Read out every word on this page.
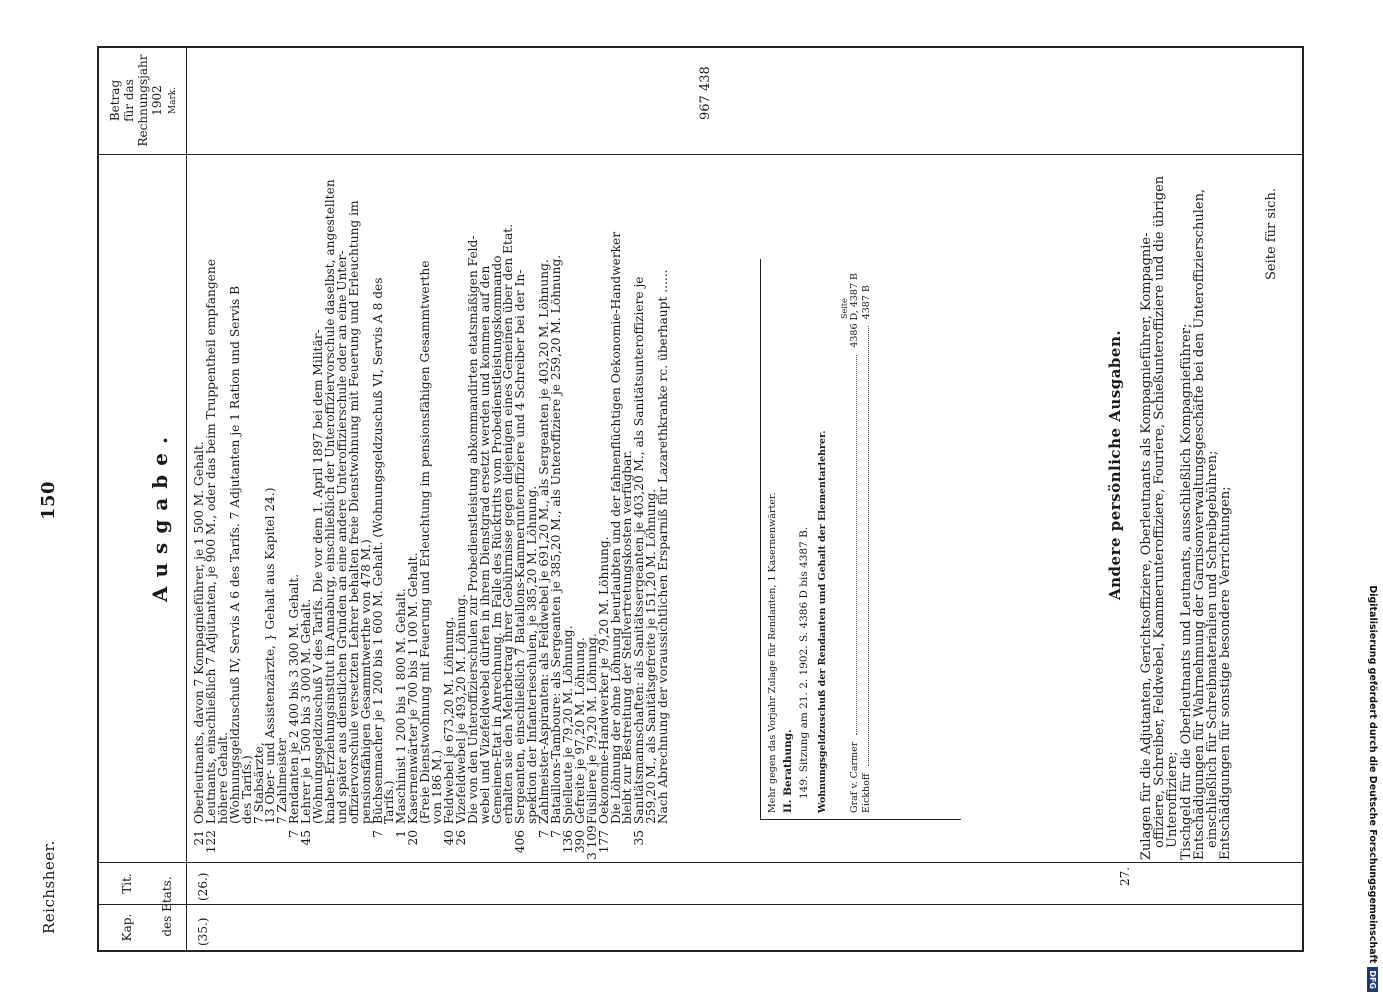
Reichsheer.
150
Kap.
Tit. des Etats.
Betrag für das Rechnungsjahr 1902 Mark.
(35.)
(26.)
Ausgabe.
21Oberleutnants, davon 7 Kompagnieführer, je 1 500 M. Gehalt.
122Leutnants, einschließlich 7 Adjutanten, je 900 M., oder das beim Truppentheil empfangene
höhere Gehalt.
(Wohnungsgeldzuschuß IV, Servis A 6 des Tarifs. 7 Adjutanten je 1 Ration und Servis B
des Tarifs.)
7 Stabsärzte,
13 Ober- und Assistenzärzte, } Gehalt aus Kapitel 24.)
7 Zahlmeister
7Rendanten je 2 400 bis 3 300 M. Gehalt.
45Lehrer je 1 500 bis 3 000 M. Gehalt.
(Wohnungsgeldzuschuß V des Tarifs. Die vor dem 1. April 1897 bei dem Militär-
knaben-Erziehungsinstitut in Annaburg, einschließlich der Unteroffiziervorschule daselbst, angestellten
und später aus dienstlichen Gründen an eine andere Unteroffizierschule oder an eine Unter-
offiziervorschule versetzten Lehrer behalten freie Dienstwohnung mit Feuerung und Erleuchtung im
pensionsfähigen Gesammtwerthe von 478 M.)
7Büchsenmacher je 1 200 bis 1 600 M. Gehalt. (Wohnungsgeldzuschuß VI, Servis A 8 des
Tarifs.)
1Maschinist 1 200 bis 1 800 M. Gehalt.
20Kasernenwärter je 700 bis 1 100 M. Gehalt.
(Freie Dienstwohnung mit Feuerung und Erleuchtung im pensionsfähigen Gesammtwerthe
von 186 M.)
40Feldwebel je 673,20 M. Löhnung.
26Vizefeldwebel je 493,20 M. Löhnung.
Die von den Unteroffizierschulen zur Probedienstleistung abkommandirten etatsmäßigen Feld-
webel und Vizefeldwebel dürfen in ihrem Dienstgrad ersetzt werden und kommen auf den
Gemeinen-Etat in Anrechnung. Im Falle des Rücktritts vom Probedienstleistungskommando
erhalten sie den Mehrbetrag ihrer Gebührnisse gegen diejenigen eines Gemeinen über den Etat.
406Sergeanten, einschließlich 7 Bataillons-Kammerunteroffiziere und 4 Schreiber bei der In-
spektion der Infanterieschulen, je 385,20 M. Löhnung.
7Zahlmeister-Aspiranten: als Feldwebel je 691,20 M., als Sergeanten je 403,20 M. Löhnung.
7Bataillons-Tamboure: als Sergeanten je 385,20 M., als Unteroffiziere je 259,20 M. Löhnung.
136Spielleute je 79,20 M. Löhnung.
390Gefreite je 97,20 M. Löhnung.
3 109Füsiliere je 79,20 M. Löhnung.
177Oekonomie-Handwerker je 79,20 M. Löhnung.
Die Löhnung der ohne Löhnung beurlaubten und der fahnenflüchtigen Oekonomie-Handwerker
bleibt zur Bestreitung der Stellvertretungskosten verfügbar.
35Sanitätsmannschaften: als Sanitätssergeanten je 403,20 M., als Sanitätsunteroffiziere je
259,20 M., als Sanitätsgefreite je 151,20 M. Löhnung.
Nach Abrechnung der voraussichtlichen Ersparniß für Lazarethkranke rc. überhaupt ......
967 438
Mehr gegen das Vorjahr Zulage für Rendanten, 1 Kasernenwärter. II. Berathung. 149. Sitzung am 21. 2. 1902. S. 4386 D bis 4387 B. Wohnungsgeldzuschuß der Rendanten und Gehalt der Elementarlehrer.
Seite
Graf v. Carmer  4386 D, 4387 B
Eickhoff  4387 B
27.
Andere persönliche Ausgaben. Zulagen für die Adjutanten, Gerichtsoffiziere, Oberleutnants als Kompagnieführer, Kompagnie-
offiziere, Schreiber, Feldwebel, Kammerunteroffiziere, Fouriere, Schießunteroffiziere und die übrigen
Unteroffiziere;
Tischgeld für die Oberleutnants und Leutnants, ausschließlich Kompagnieführer;
Entschädigungen für Wahrnehmung der Garnisonverwaltungsgeschäfte bei den Unteroffizierschulen,
einschließlich für Schreibmaterialien und Schreibgebühren;
Entschädigungen für sonstige besondere Verrichtungen;
Seite für sich.
Digitalisierung gefördert durch die Deutsche Forschungsgemeinschaft
DFG
